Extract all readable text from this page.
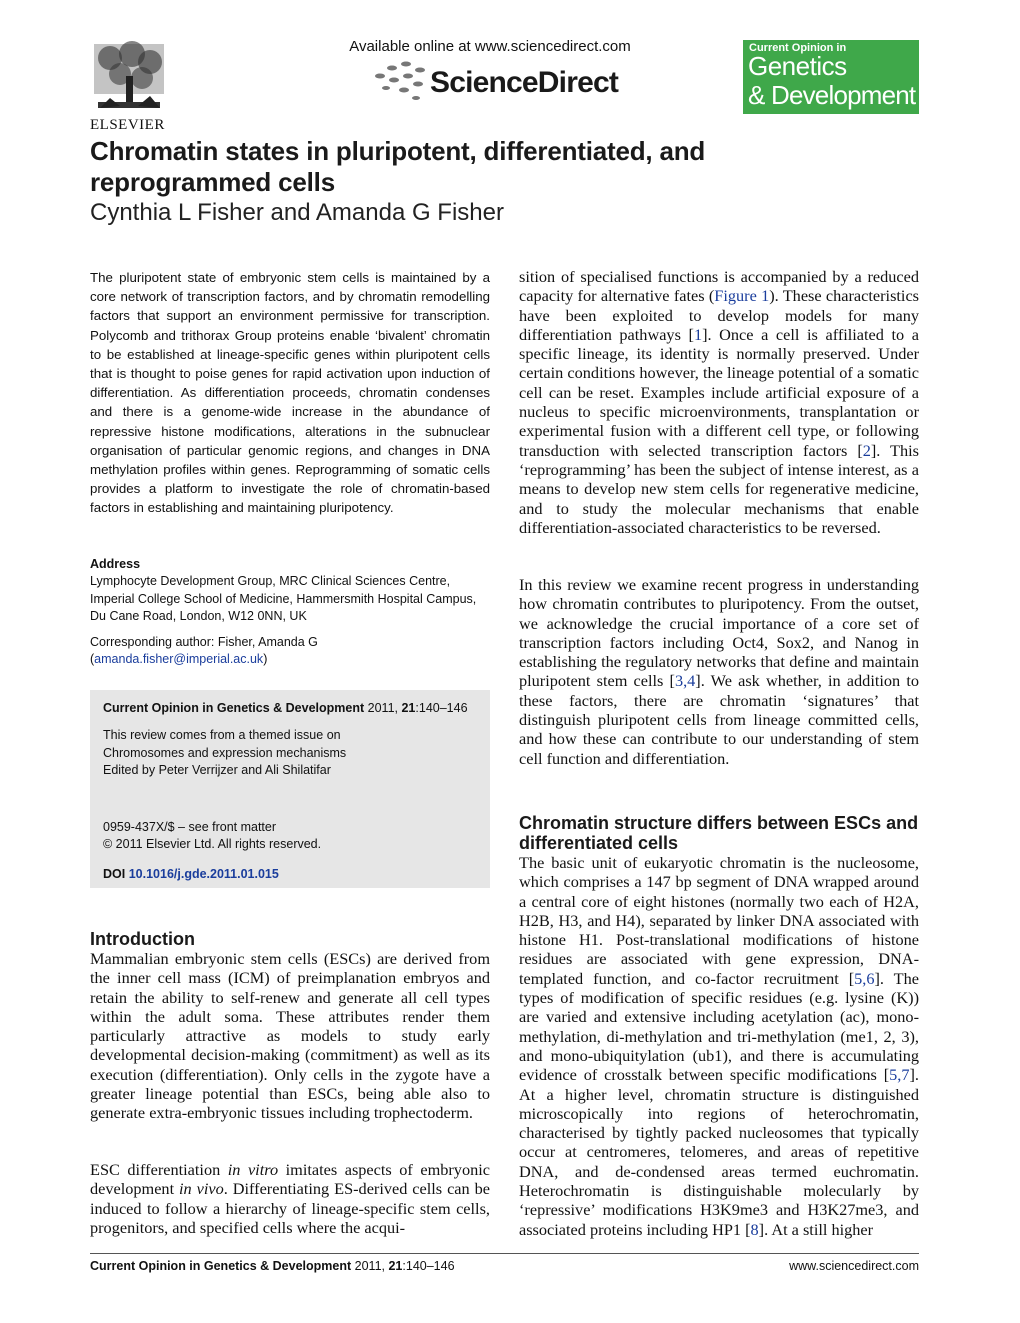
ELSEVIER
Available online at www.sciencedirect.com
ScienceDirect
Current Opinion in
Genetics
& Development
Chromatin states in pluripotent, differentiated, and reprogrammed cells
Cynthia L Fisher and Amanda G Fisher
The pluripotent state of embryonic stem cells is maintained by a core network of transcription factors, and by chromatin remodelling factors that support an environment permissive for transcription. Polycomb and trithorax Group proteins enable ‘bivalent’ chromatin to be established at lineage-specific genes within pluripotent cells that is thought to poise genes for rapid activation upon induction of differentiation. As differentiation proceeds, chromatin condenses and there is a genome-wide increase in the abundance of repressive histone modifications, alterations in the subnuclear organisation of particular genomic regions, and changes in DNA methylation profiles within genes. Reprogramming of somatic cells provides a platform to investigate the role of chromatin-based factors in establishing and maintaining pluripotency.
Address
Lymphocyte Development Group, MRC Clinical Sciences Centre,
Imperial College School of Medicine, Hammersmith Hospital Campus,
Du Cane Road, London, W12 0NN, UK
Corresponding author: Fisher, Amanda G
(amanda.fisher@imperial.ac.uk)
Current Opinion in Genetics & Development 2011, 21:140–146
This review comes from a themed issue on
Chromosomes and expression mechanisms
Edited by Peter Verrijzer and Ali Shilatifar
0959-437X/$ – see front matter
© 2011 Elsevier Ltd. All rights reserved.
DOI 10.1016/j.gde.2011.01.015
Introduction
Mammalian embryonic stem cells (ESCs) are derived from the inner cell mass (ICM) of preimplanation embryos and retain the ability to self-renew and generate all cell types within the adult soma. These attributes render them particularly attractive as models to study early developmental decision-making (commitment) as well as its execution (differentiation). Only cells in the zygote have a greater lineage potential than ESCs, being able also to generate extra-embryonic tissues including trophectoderm.
ESC differentiation in vitro imitates aspects of embryonic development in vivo. Differentiating ES-derived cells can be induced to follow a hierarchy of lineage-specific stem cells, progenitors, and specified cells where the acqui-
sition of specialised functions is accompanied by a reduced capacity for alternative fates (Figure 1). These characteristics have been exploited to develop models for many differentiation pathways [1]. Once a cell is affiliated to a specific lineage, its identity is normally preserved. Under certain conditions however, the lineage potential of a somatic cell can be reset. Examples include artificial exposure of a nucleus to specific microenvironments, transplantation or experimental fusion with a different cell type, or following transduction with selected transcription factors [2]. This ‘reprogramming’ has been the subject of intense interest, as a means to develop new stem cells for regenerative medicine, and to study the molecular mechanisms that enable differentiation-associated characteristics to be reversed.
In this review we examine recent progress in understanding how chromatin contributes to pluripotency. From the outset, we acknowledge the crucial importance of a core set of transcription factors including Oct4, Sox2, and Nanog in establishing the regulatory networks that define and maintain pluripotent stem cells [3,4]. We ask whether, in addition to these factors, there are chromatin ‘signatures’ that distinguish pluripotent cells from lineage committed cells, and how these can contribute to our understanding of stem cell function and differentiation.
Chromatin structure differs between ESCs and differentiated cells
The basic unit of eukaryotic chromatin is the nucleosome, which comprises a 147 bp segment of DNA wrapped around a central core of eight histones (normally two each of H2A, H2B, H3, and H4), separated by linker DNA associated with histone H1. Post-translational modifications of histone residues are associated with gene expression, DNA-templated function, and co-factor recruitment [5,6]. The types of modification of specific residues (e.g. lysine (K)) are varied and extensive including acetylation (ac), mono-methylation, di-methylation and tri-methylation (me1, 2, 3), and mono-ubiquitylation (ub1), and there is accumulating evidence of crosstalk between specific modifications [5,7]. At a higher level, chromatin structure is distinguished microscopically into regions of heterochromatin, characterised by tightly packed nucleosomes that typically occur at centromeres, telomeres, and areas of repetitive DNA, and de-condensed areas termed euchromatin. Heterochromatin is distinguishable molecularly by ‘repressive’ modifications H3K9me3 and H3K27me3, and associated proteins including HP1 [8]. At a still higher
Current Opinion in Genetics & Development 2011, 21:140–146	www.sciencedirect.com
